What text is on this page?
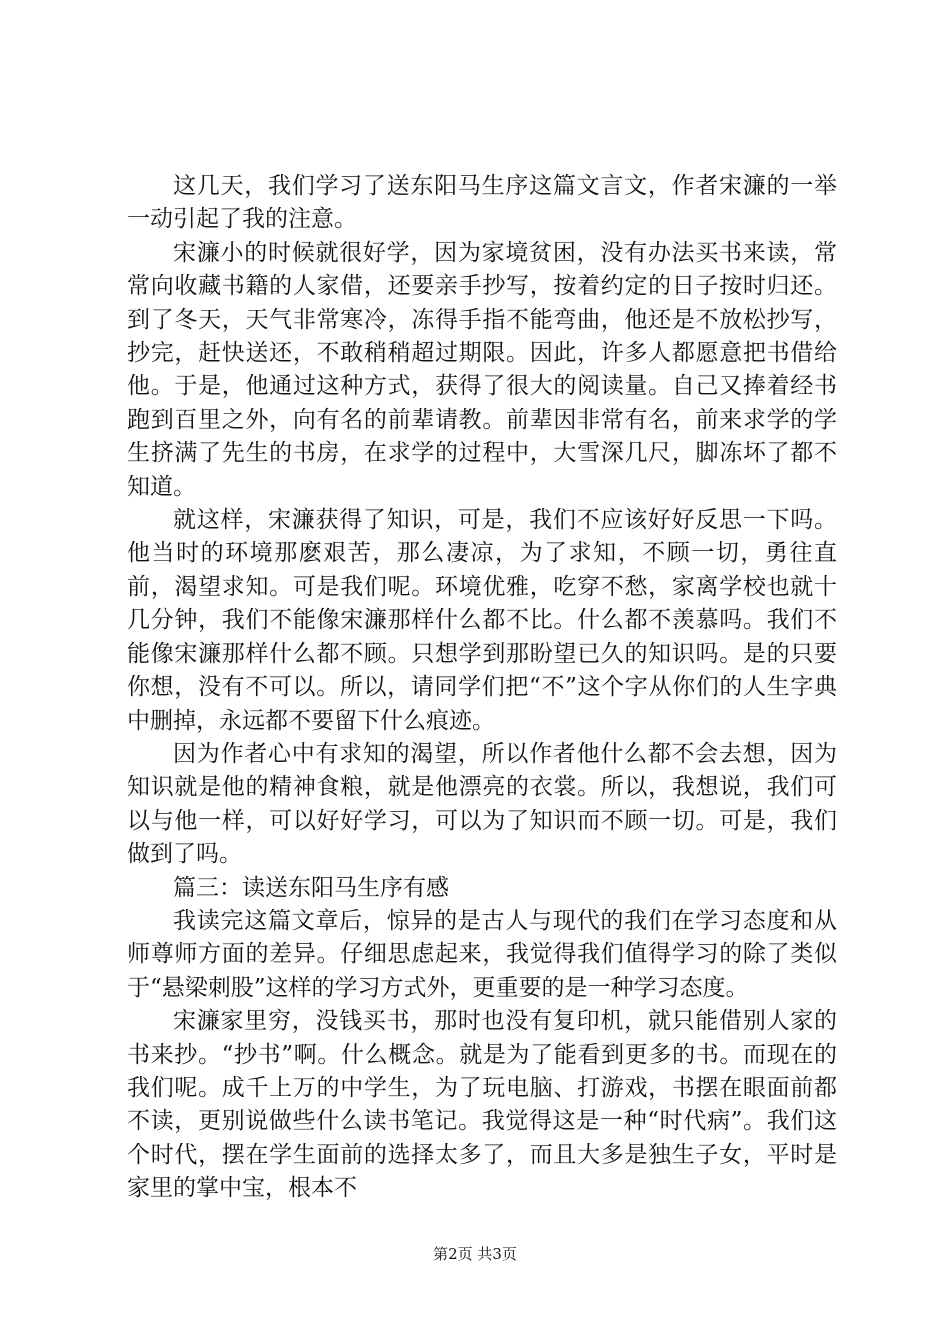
这几天，我们学习了送东阳马生序这篇文言文，作者宋濂的一举一动引起了我的注意。

宋濂小的时候就很好学，因为家境贫困，没有办法买书来读，常常向收藏书籍的人家借，还要亲手抄写，按着约定的日子按时归还。到了冬天，天气非常寒冷，冻得手指不能弯曲，他还是不放松抄写，抄完，赶快送还，不敢稍稍超过期限。因此，许多人都愿意把书借给他。于是，他通过这种方式，获得了很大的阅读量。自己又捧着经书跑到百里之外，向有名的前辈请教。前辈因非常有名，前来求学的学生挤满了先生的书房，在求学的过程中，大雪深几尺，脚冻坏了都不知道。

就这样，宋濂获得了知识，可是，我们不应该好好反思一下吗。他当时的环境那麽艰苦，那么凄凉，为了求知，不顾一切，勇往直前，渴望求知。可是我们呢。环境优雅，吃穿不愁，家离学校也就十几分钟，我们不能像宋濂那样什么都不比。什么都不羡慕吗。我们不能像宋濂那样什么都不顾。只想学到那盼望已久的知识吗。是的只要你想，没有不可以。所以，请同学们把“不”这个字从你们的人生字典中删掉，永远都不要留下什么痕迹。

因为作者心中有求知的渴望，所以作者他什么都不会去想，因为知识就是他的精神食粮，就是他漂亮的衣裳。所以，我想说，我们可以与他一样，可以好好学习，可以为了知识而不顾一切。可是，我们做到了吗。

篇三：读送东阳马生序有感

我读完这篇文章后，惊异的是古人与现代的我们在学习态度和从师尊师方面的差异。仔细思虑起来，我觉得我们值得学习的除了类似于“悬梁刺股”这样的学习方式外，更重要的是一种学习态度。

宋濂家里穷，没钱买书，那时也没有复印机，就只能借别人家的书来抄。“抄书”啊。什么概念。就是为了能看到更多的书。而现在的我们呢。成千上万的中学生，为了玩电脑、打游戏，书摆在眼面前都不读，更别说做些什么读书笔记。我觉得这是一种“时代病”。我们这个时代，摆在学生面前的选择太多了，而且大多是独生子女，平时是家里的掌中宝，根本不

第2页 共3页
